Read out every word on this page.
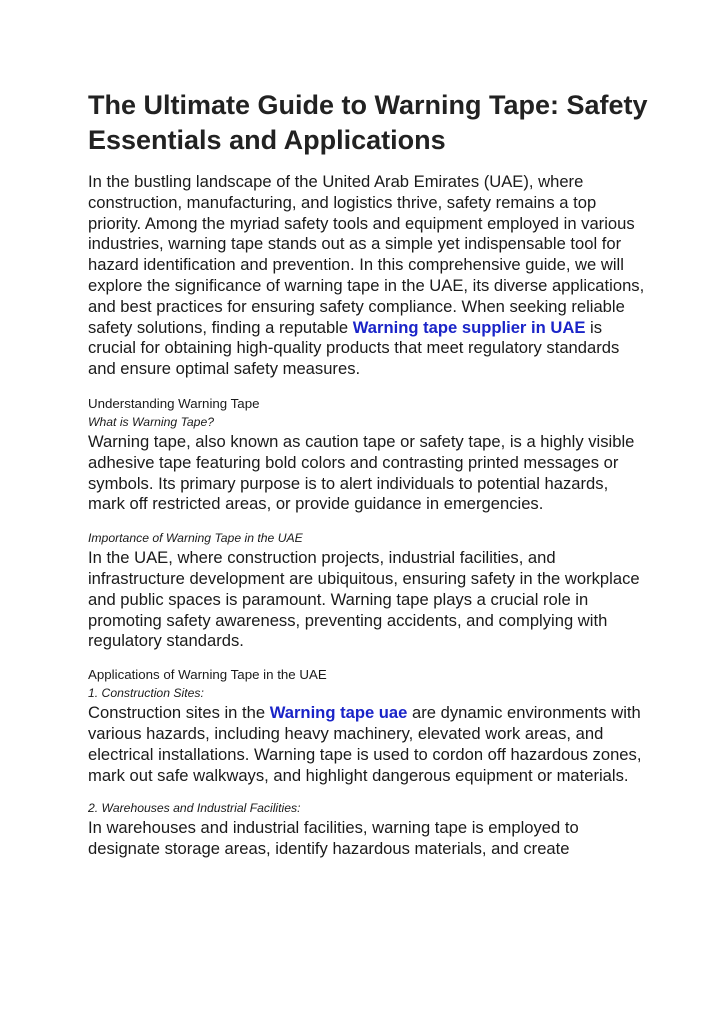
The Ultimate Guide to Warning Tape: Safety Essentials and Applications

In the bustling landscape of the United Arab Emirates (UAE), where construction, manufacturing, and logistics thrive, safety remains a top priority. Among the myriad safety tools and equipment employed in various industries, warning tape stands out as a simple yet indispensable tool for hazard identification and prevention. In this comprehensive guide, we will explore the significance of warning tape in the UAE, its diverse applications, and best practices for ensuring safety compliance. When seeking reliable safety solutions, finding a reputable Warning tape supplier in UAE is crucial for obtaining high-quality products that meet regulatory standards and ensure optimal safety measures.

Understanding Warning Tape

What is Warning Tape?

Warning tape, also known as caution tape or safety tape, is a highly visible adhesive tape featuring bold colors and contrasting printed messages or symbols. Its primary purpose is to alert individuals to potential hazards, mark off restricted areas, or provide guidance in emergencies.

Importance of Warning Tape in the UAE

In the UAE, where construction projects, industrial facilities, and infrastructure development are ubiquitous, ensuring safety in the workplace and public spaces is paramount. Warning tape plays a crucial role in promoting safety awareness, preventing accidents, and complying with regulatory standards.

Applications of Warning Tape in the UAE

1. Construction Sites:

Construction sites in the Warning tape uae are dynamic environments with various hazards, including heavy machinery, elevated work areas, and electrical installations. Warning tape is used to cordon off hazardous zones, mark out safe walkways, and highlight dangerous equipment or materials.

2. Warehouses and Industrial Facilities:

In warehouses and industrial facilities, warning tape is employed to designate storage areas, identify hazardous materials, and create
